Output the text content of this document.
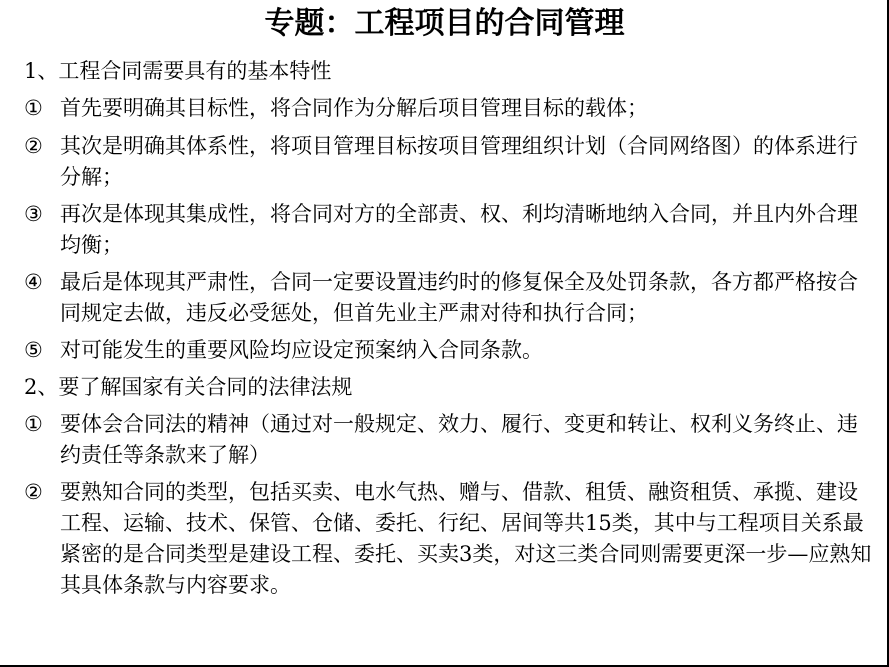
专题：工程项目的合同管理

1、工程合同需要具有的基本特性

① 首先要明确其目标性，将合同作为分解后项目管理目标的载体；
② 其次是明确其体系性，将项目管理目标按项目管理组织计划（合同网络图）的体系进行分解；
③ 再次是体现其集成性，将合同对方的全部责、权、利均清晰地纳入合同，并且内外合理均衡；
④ 最后是体现其严肃性，合同一定要设置违约时的修复保全及处罚条款，各方都严格按合同规定去做，违反必受惩处，但首先业主严肃对待和执行合同；
⑤ 对可能发生的重要风险均应设定预案纳入合同条款。

2、要了解国家有关合同的法律法规

① 要体会合同法的精神（通过对一般规定、效力、履行、变更和转让、权利义务终止、违约责任等条款来了解）
② 要熟知合同的类型，包括买卖、电水气热、赠与、借款、租赁、融资租赁、承揽、建设工程、运输、技术、保管、仓储、委托、行纪、居间等共15类，其中与工程项目关系最紧密的是合同类型是建设工程、委托、买卖3类，对这三类合同则需要更深一步—应熟知其具体条款与内容要求。
